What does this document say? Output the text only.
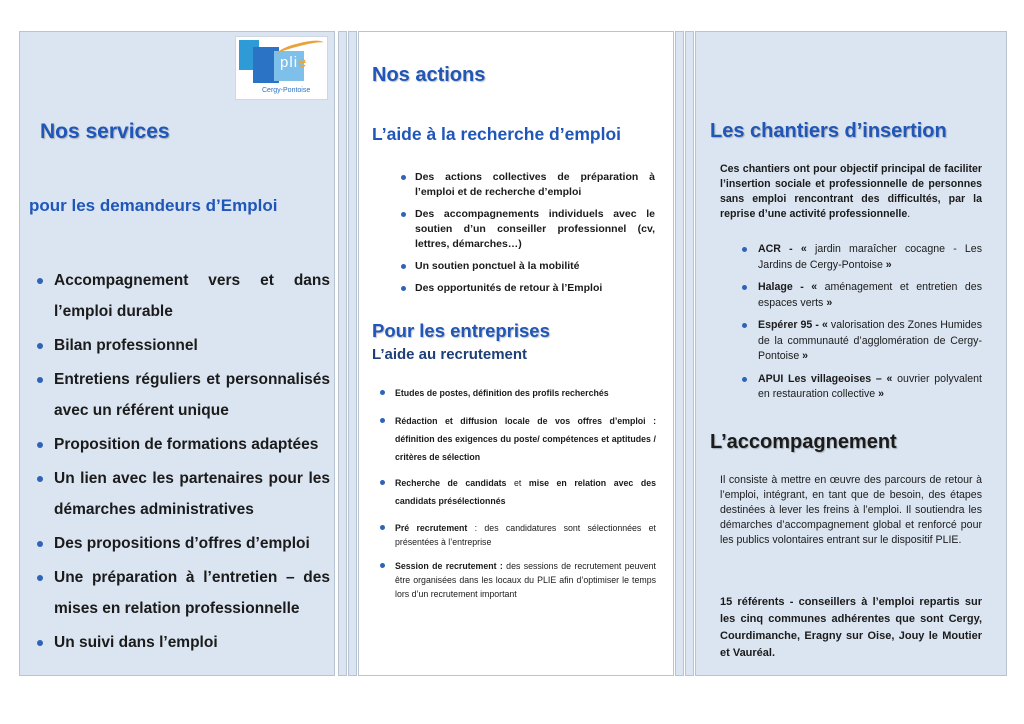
plie
Cergy-Pontoise
Nos services
pour les demandeurs d’Emploi
Accompagnement vers et dans l’emploi durable
Bilan professionnel
Entretiens réguliers et personnalisés avec un référent unique
Proposition de formations adaptées
Un lien avec les partenaires pour les démarches administratives
Des propositions d’offres d’emploi
Une préparation à l’entretien – des mises en relation professionnelle
Un suivi dans l’emploi
Nos actions
L’aide à la recherche d’emploi
Des actions collectives de préparation à l’emploi et de recherche d’emploi
Des accompagnements individuels avec le soutien d’un conseiller professionnel (cv, lettres, démarches…)
Un soutien ponctuel à la mobilité
Des opportunités de retour à l’Emploi
Pour les entreprises
L’aide au recrutement
Etudes de postes, définition des profils recherchés
Rédaction et diffusion locale de vos offres d’emploi : définition des exigences du poste/ compétences et aptitudes / critères de sélection
Recherche de candidats et mise en relation avec des candidats présélectionnés
Pré recrutement : des candidatures sont sélectionnées et présentées à l’entreprise
Session de recrutement : des sessions de recrutement peuvent être organisées dans les locaux du PLIE afin d’optimiser le temps lors d’un recrutement important
Les chantiers d’insertion
Ces chantiers ont pour objectif principal de faciliter l’insertion sociale et professionnelle de personnes sans emploi rencontrant des difficultés, par la reprise d’une activité professionnelle.
ACR - « jardin maraîcher cocagne - Les Jardins de Cergy-Pontoise »
Halage - « aménagement et entretien des espaces verts »
Espérer 95 - « valorisation des Zones Humides de la communauté d’agglomération de Cergy- Pontoise »
APUI Les villageoises – « ouvrier polyvalent en restauration collective »
L’accompagnement
Il consiste à mettre en œuvre des parcours de retour à l’emploi, intégrant, en tant que de besoin, des étapes destinées à lever les freins à l’emploi. Il soutiendra les démarches d’accompagnement global et renforcé pour les publics volontaires entrant sur le dispositif PLIE.
15 référents - conseillers à l’emploi repartis sur les cinq communes adhérentes que sont Cergy, Courdimanche, Eragny sur Oise, Jouy le Moutier et Vauréal.
